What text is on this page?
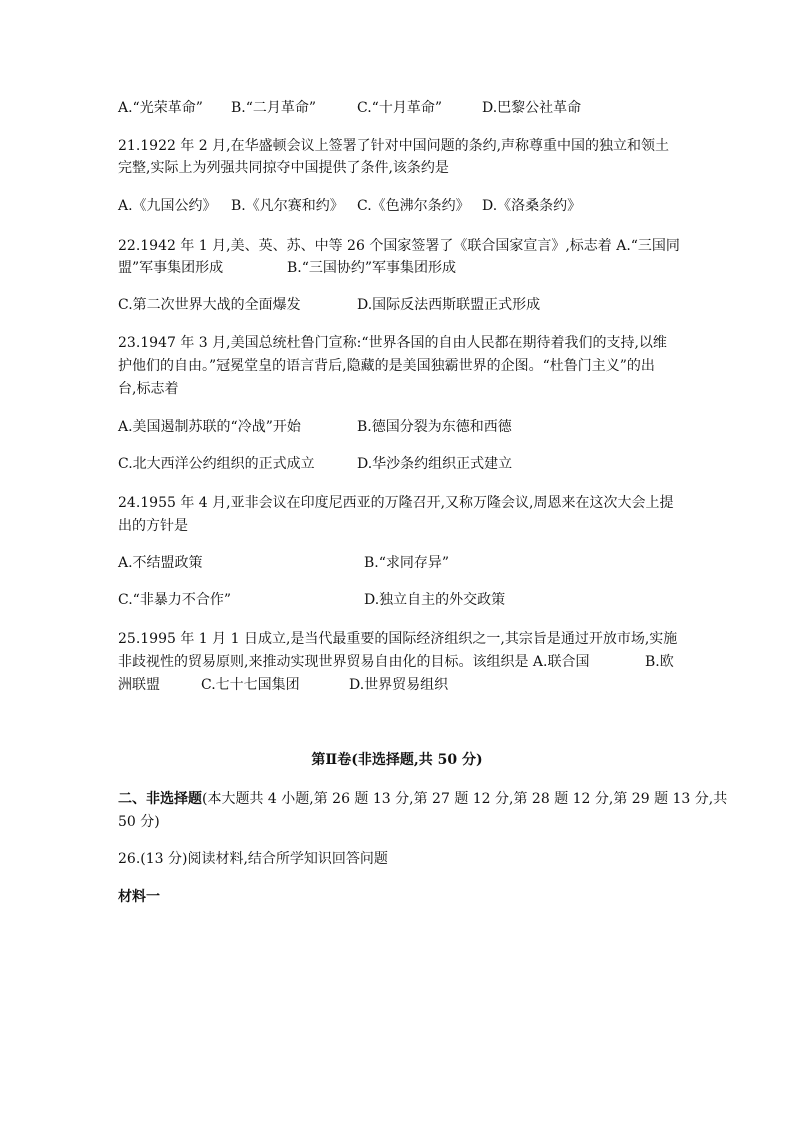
A.“光荣革命” B.“二月革命”	C.“十月革命”	D.巴黎公社革命
21.1922 年 2 月,在华盛顿会议上签署了针对中国问题的条约,声称尊重中国的独立和领土
完整,实际上为列强共同掠夺中国提供了条件,该条约是
A.《九国公约》 B.《凡尔赛和约》 C.《色沸尔条约》 D.《洛桑条约》
22.1942 年 1 月,美、英、苏、中等 26 个国家签署了《联合国家宣言》,标志着 A.“三国同
盟”军事集团形成	B.“三国协约”军事集团形成
C.第二次世界大战的全面爆发	D.国际反法西斯联盟正式形成
23.1947 年 3 月,美国总统杜鲁门宣称:“世界各国的自由人民都在期待着我们的支持,以维
护他们的自由。”冠冕堂皇的语言背后,隐藏的是美国独霸世界的企图。“杜鲁门主义”的出
台,标志着
A.美国遏制苏联的“冷战”开始	B.德国分裂为东德和西德
C.北大西洋公约组织的正式成立	D.华沙条约组织正式建立
24.1955 年 4 月,亚非会议在印度尼西亚的万隆召开,又称万隆会议,周恩来在这次大会上提
出的方针是
A.不结盟政策	B.“求同存异”
C.“非暴力不合作”	D.独立自主的外交政策
25.1995 年 1 月 1 日成立,是当代最重要的国际经济组织之一,其宗旨是通过开放市场,实施
非歧视性的贸易原则,来推动实现世界贸易自由化的目标。该组织是 A.联合国	B.欧
洲联盟	C.七十七国集团	D.世界贸易组织
第Ⅱ卷(非选择题,共 50 分)
二、非选择题(本大题共 4 小题,第 26 题 13 分,第 27 题 12 分,第 28 题 12 分,第 29 题 13 分,共
50 分)
26.(13 分)阅读材料,结合所学知识回答问题
材料一
